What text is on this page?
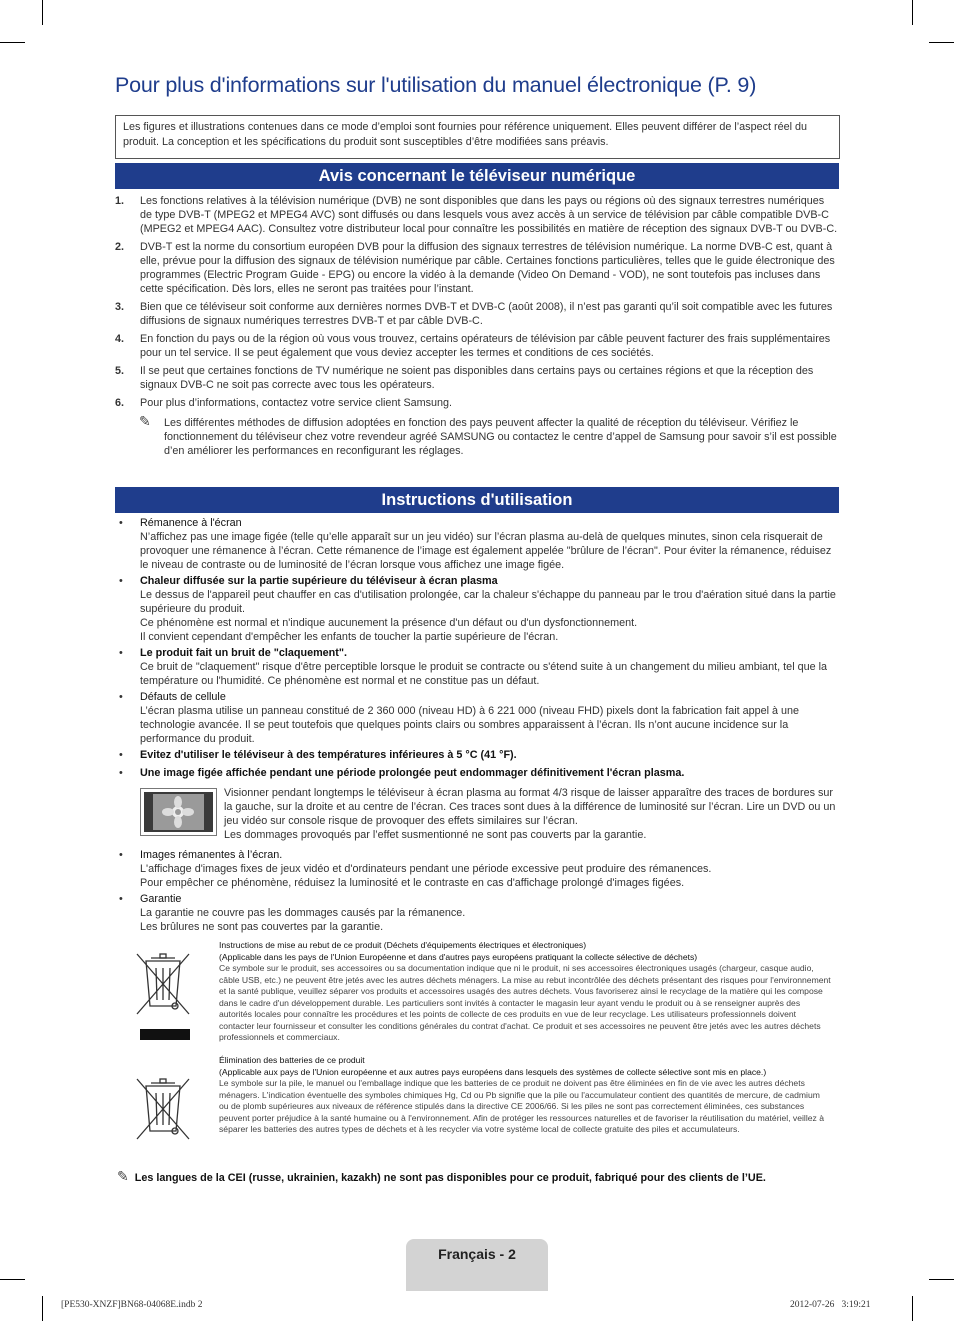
Pour plus d'informations sur l'utilisation du manuel électronique (P. 9)
Les figures et illustrations contenues dans ce mode d’emploi sont fournies pour référence uniquement. Elles peuvent différer de l’aspect réel du produit. La conception et les spécifications du produit sont susceptibles d’être modifiées sans préavis.
Avis concernant le téléviseur numérique
1. Les fonctions relatives à la télévision numérique (DVB) ne sont disponibles que dans les pays ou régions où des signaux terrestres numériques de type DVB-T (MPEG2 et MPEG4 AVC) sont diffusés ou dans lesquels vous avez accès à un service de télévision par câble compatible DVB-C (MPEG2 et MPEG4 AAC). Consultez votre distributeur local pour connaître les possibilités en matière de réception des signaux DVB-T ou DVB-C.
2. DVB-T est la norme du consortium européen DVB pour la diffusion des signaux terrestres de télévision numérique. La norme DVB-C est, quant à elle, prévue pour la diffusion des signaux de télévision numérique par câble. Certaines fonctions particulières, telles que le guide électronique des programmes (Electric Program Guide - EPG) ou encore la vidéo à la demande (Video On Demand - VOD), ne sont toutefois pas incluses dans cette spécification. Dès lors, elles ne seront pas traitées pour l’instant.
3. Bien que ce téléviseur soit conforme aux dernières normes DVB-T et DVB-C (août 2008), il n’est pas garanti qu’il soit compatible avec les futures diffusions de signaux numériques terrestres DVB-T et par câble DVB-C.
4. En fonction du pays ou de la région où vous vous trouvez, certains opérateurs de télévision par câble peuvent facturer des frais supplémentaires pour un tel service. Il se peut également que vous deviez accepter les termes et conditions de ces sociétés.
5. Il se peut que certaines fonctions de TV numérique ne soient pas disponibles dans certains pays ou certaines régions et que la réception des signaux DVB-C ne soit pas correcte avec tous les opérateurs.
6. Pour plus d’informations, contactez votre service client Samsung.
✎ Les différentes méthodes de diffusion adoptées en fonction des pays peuvent affecter la qualité de réception du téléviseur. Vérifiez le fonctionnement du téléviseur chez votre revendeur agréé SAMSUNG ou contactez le centre d’appel de Samsung pour savoir s’il est possible d’en améliorer les performances en reconfigurant les réglages.
Instructions d'utilisation
• Rémanence à l'écran
N’affichez pas une image figée (telle qu’elle apparaît sur un jeu vidéo) sur l’écran plasma au-delà de quelques minutes, sinon cela risquerait de provoquer une rémanence à l’écran. Cette rémanence de l’image est également appelée "brûlure de l’écran". Pour éviter la rémanence, réduisez le niveau de contraste ou de luminosité de l’écran lorsque vous affichez une image figée.
• Chaleur diffusée sur la partie supérieure du téléviseur à écran plasma
Le dessus de l'appareil peut chauffer en cas d'utilisation prolongée, car la chaleur s'échappe du panneau par le trou d'aération situé dans la partie supérieure du produit.
Ce phénomène est normal et n'indique aucunement la présence d'un défaut ou d'un dysfonctionnement.
Il convient cependant d'empêcher les enfants de toucher la partie supérieure de l'écran.
• Le produit fait un bruit de "claquement".
Ce bruit de "claquement" risque d'être perceptible lorsque le produit se contracte ou s'étend suite à un changement du milieu ambiant, tel que la température ou l'humidité. Ce phénomène est normal et ne constitue pas un défaut.
• Défauts de cellule
L’écran plasma utilise un panneau constitué de 2 360 000 (niveau HD) à 6 221 000 (niveau FHD) pixels dont la fabrication fait appel à une technologie avancée. Il se peut toutefois que quelques points clairs ou sombres apparaissent à l’écran. Ils n’ont aucune incidence sur la performance du produit.
• Evitez d'utiliser le téléviseur à des températures inférieures à 5 °C (41 °F).
• Une image figée affichée pendant une période prolongée peut endommager définitivement l'écran plasma.
Visionner pendant longtemps le téléviseur à écran plasma au format 4/3 risque de laisser apparaître des traces de bordures sur la gauche, sur la droite et au centre de l’écran. Ces traces sont dues à la différence de luminosité sur l’écran. Lire un DVD ou un jeu vidéo sur console risque de provoquer des effets similaires sur l’écran.
Les dommages provoqués par l’effet susmentionné ne sont pas couverts par la garantie.
• Images rémanentes à l’écran.
L'affichage d'images fixes de jeux vidéo et d'ordinateurs pendant une période excessive peut produire des rémanences.
Pour empêcher ce phénomène, réduisez la luminosité et le contraste en cas d'affichage prolongé d'images figées.
• Garantie
La garantie ne couvre pas les dommages causés par la rémanence.
Les brûlures ne sont pas couvertes par la garantie.
Instructions de mise au rebut de ce produit (Déchets d'équipements électriques et électroniques)
(Applicable dans les pays de l'Union Européenne et dans d'autres pays européens pratiquant la collecte sélective de déchets)
Ce symbole sur le produit, ses accessoires ou sa documentation indique que ni le produit, ni ses accessoires électroniques usagés (chargeur, casque audio, câble USB, etc.) ne peuvent être jetés avec les autres déchets ménagers. La mise au rebut incontrôlée des déchets présentant des risques pour l'environnement et la santé publique, veuillez séparer vos produits et accessoires usagés des autres déchets. Vous favoriserez ainsi le recyclage de la matière qui les compose dans le cadre d'un développement durable. Les particuliers sont invités à contacter le magasin leur ayant vendu le produit ou à se renseigner auprès des autorités locales pour connaître les procédures et les points de collecte de ces produits en vue de leur recyclage. Les utilisateurs professionnels doivent contacter leur fournisseur et consulter les conditions générales du contrat d'achat. Ce produit et ses accessoires ne peuvent être jetés avec les autres déchets professionnels et commerciaux.
Élimination des batteries de ce produit
(Applicable aux pays de l'Union européenne et aux autres pays européens dans lesquels des systèmes de collecte sélective sont mis en place.)
Le symbole sur la pile, le manuel ou l'emballage indique que les batteries de ce produit ne doivent pas être éliminées en fin de vie avec les autres déchets ménagers. L'indication éventuelle des symboles chimiques Hg, Cd ou Pb signifie que la pile ou l'accumulateur contient des quantités de mercure, de cadmium ou de plomb supérieures aux niveaux de référence stipulés dans la directive CE 2006/66. Si les piles ne sont pas correctement éliminées, ces substances peuvent porter préjudice à la santé humaine ou à l'environnement. Afin de protéger les ressources naturelles et de favoriser la réutilisation du matériel, veillez à séparer les batteries des autres types de déchets et à les recycler via votre système local de collecte gratuite des piles et accumulateurs.
✎ Les langues de la CEI (russe, ukrainien, kazakh) ne sont pas disponibles pour ce produit, fabriqué pour des clients de l’UE.
Français - 2
[PE530-XNZF]BN68-04068E.indb 2	2012-07-26   3:19:21
